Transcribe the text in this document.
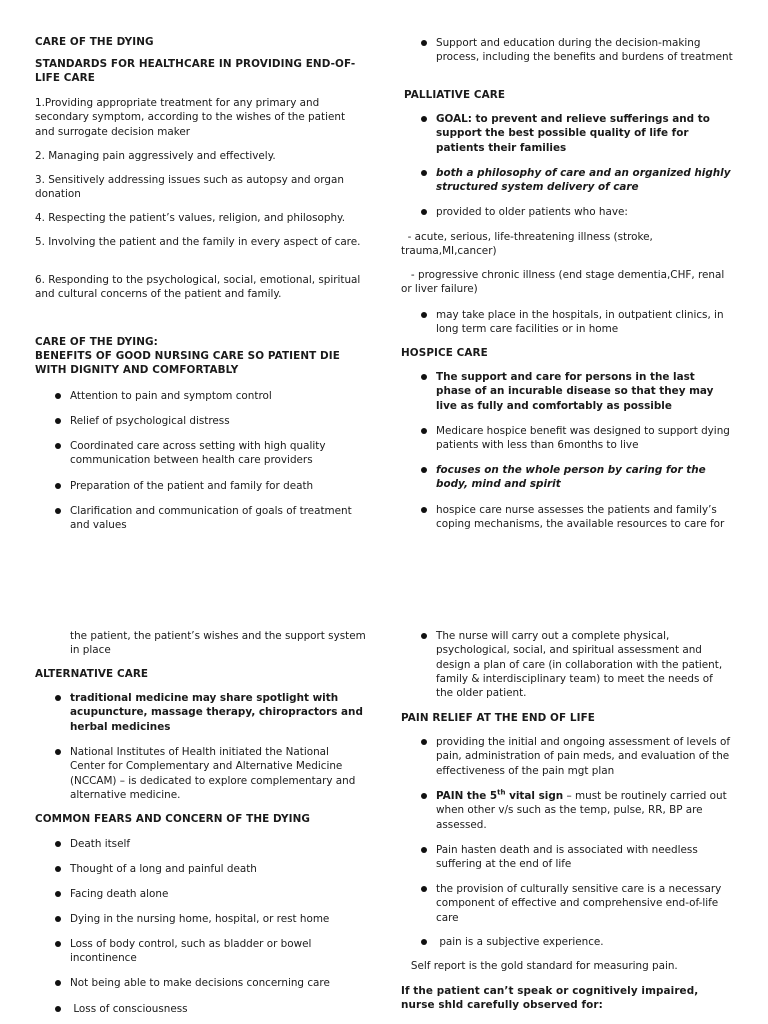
CARE OF THE DYING

STANDARDS FOR HEALTHCARE IN PROVIDING END-OF-LIFE CARE

1.Providing appropriate treatment for any primary and secondary symptom, according to the wishes of the patient and surrogate decision maker

2. Managing pain aggressively and effectively.

3. Sensitively addressing issues such as autopsy and organ donation

4. Respecting the patient’s values, religion, and philosophy.

5. Involving the patient and the family in every aspect of care.

6. Responding to the psychological, social, emotional, spiritual and cultural concerns of the patient and family.

CARE OF THE DYING:

BENEFITS OF GOOD NURSING CARE SO PATIENT DIE WITH DIGNITY AND COMFORTABLY

Attention to pain and symptom control
Relief of psychological distress
Coordinated care across setting with high quality communication between health care providers
Preparation of the patient and family for death
Clarification and communication of goals of treatment and values
Support and education during the decision-making process, including the benefits and burdens of treatment

PALLIATIVE CARE

GOAL: to prevent and relieve sufferings and to support the best possible quality of life for patients their families
both a philosophy of care and an organized highly structured system delivery of care
provided to older patients who have:

- acute, serious, life-threatening illness (stroke, trauma,MI,cancer)

- progressive chronic illness (end stage dementia,CHF, renal or liver failure)

may take place in the hospitals, in outpatient clinics, in long term care facilities or in home

HOSPICE CARE

The support and care for persons in the last phase of an incurable disease so that they may live as fully and comfortably as possible
Medicare hospice benefit was designed to support dying patients with less than 6months to live
focuses on the whole person by caring for the body, mind and spirit
hospice care nurse assesses the patients and family’s coping mechanisms, the available resources to care for

the patient, the patient’s wishes and the support system in place

ALTERNATIVE CARE

traditional medicine may share spotlight with acupuncture, massage therapy, chiropractors and herbal medicines
National Institutes of Health initiated the National Center for Complementary and Alternative Medicine (NCCAM) – is dedicated to explore complementary and alternative medicine.

COMMON FEARS AND CONCERN OF THE DYING

Death itself
Thought of a long and painful death
Facing death alone
Dying in the nursing home, hospital, or rest home
Loss of body control, such as bladder or bowel incontinence
Not being able to make decisions concerning care
Loss of consciousness
The nurse will carry out a complete physical, psychological, social, and spiritual assessment and design a plan of care (in collaboration with the patient, family & interdisciplinary team) to meet the needs of the older patient.

PAIN RELIEF AT THE END OF LIFE

providing the initial and ongoing assessment of levels of pain, administration of pain meds, and evaluation of the effectiveness of the pain mgt plan
PAIN the 5th vital sign – must be routinely carried out when other v/s such as the temp, pulse, RR, BP are assessed.
Pain hasten death and is associated with needless suffering at the end of life
the provision of culturally sensitive care is a necessary component of effective and comprehensive end-of-life care
pain is a subjective experience.

Self report is the gold standard for measuring pain.

If the patient can’t speak or cognitively impaired, nurse shld carefully observed for:
